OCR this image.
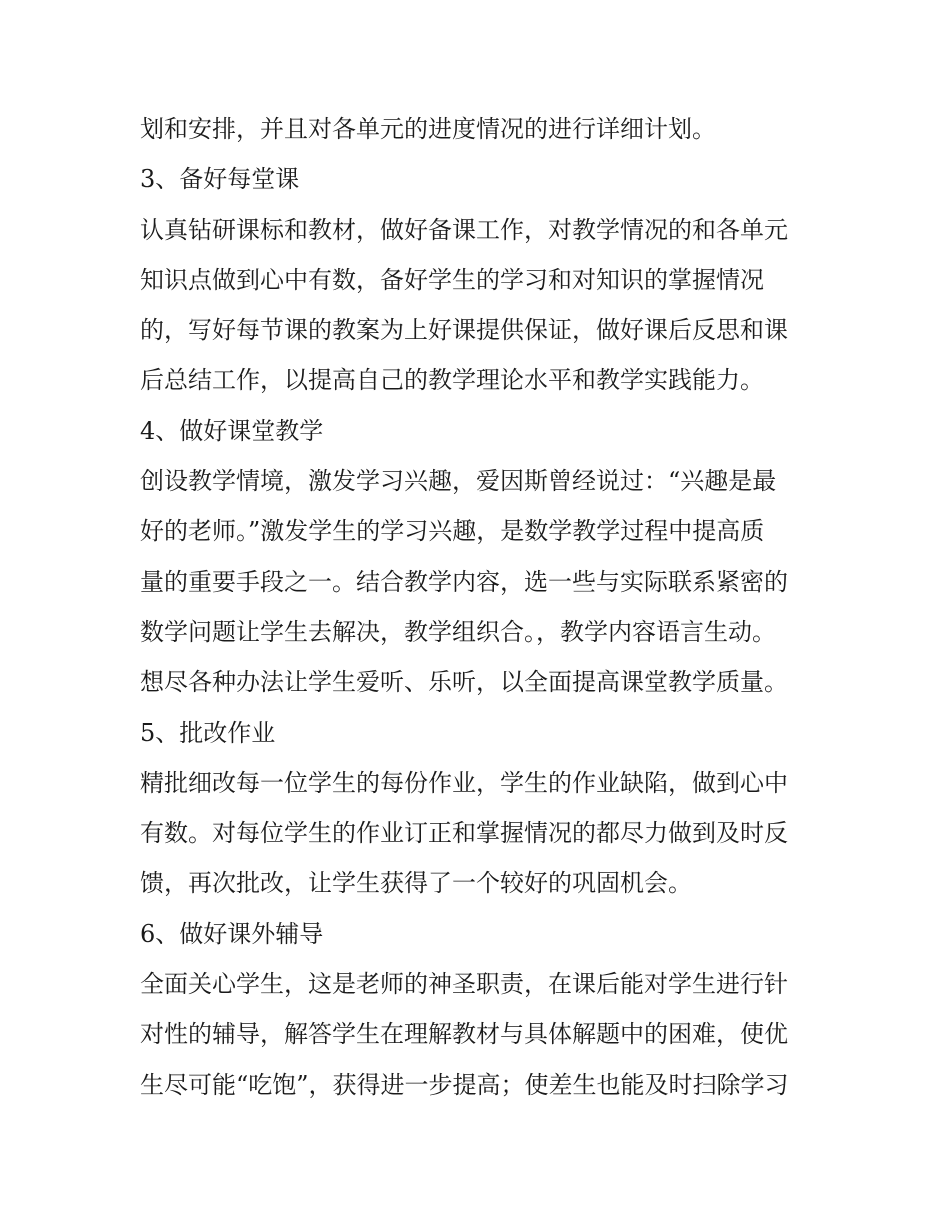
划和安排，并且对各单元的进度情况的进行详细计划。
3、备好每堂课
认真钻研课标和教材，做好备课工作，对教学情况的和各单元
知识点做到心中有数，备好学生的学习和对知识的掌握情况
的，写好每节课的教案为上好课提供保证，做好课后反思和课
后总结工作，以提高自己的教学理论水平和教学实践能力。
4、做好课堂教学
创设教学情境，激发学习兴趣，爱因斯曾经说过：“兴趣是最
好的老师。”激发学生的学习兴趣，是数学教学过程中提高质
量的重要手段之一。结合教学内容，选一些与实际联系紧密的
数学问题让学生去解决，教学组织合。，教学内容语言生动。
想尽各种办法让学生爱听、乐听，以全面提高课堂教学质量。
5、批改作业
精批细改每一位学生的每份作业，学生的作业缺陷，做到心中
有数。对每位学生的作业订正和掌握情况的都尽力做到及时反
馈，再次批改，让学生获得了一个较好的巩固机会。
6、做好课外辅导
全面关心学生，这是老师的神圣职责，在课后能对学生进行针
对性的辅导，解答学生在理解教材与具体解题中的困难，使优
生尽可能“吃饱”，获得进一步提高；使差生也能及时扫除学习
